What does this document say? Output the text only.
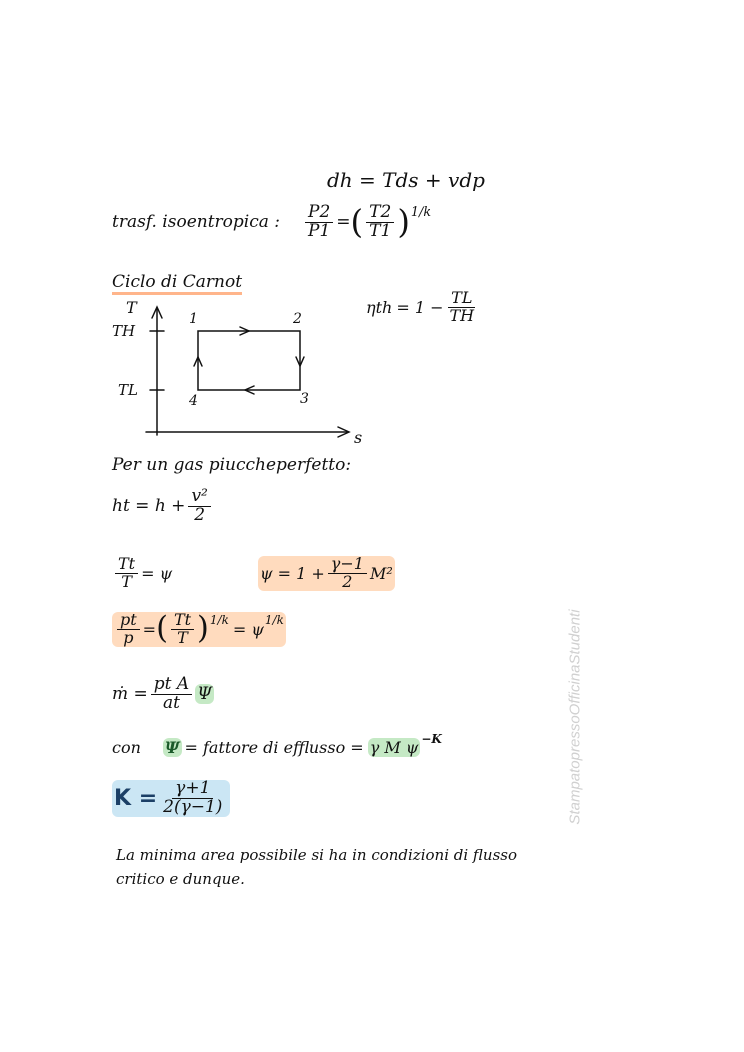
dh = Tds + vdp
trasf. isoentropica : $\frac{P2}{P1}$ = ( $\frac{T2}{T1}$ ) 1/k
Ciclo di Carnot
T
TH
TL
s
1	2
3
4
$\eta th = 1 - \frac{TL}{TH}$
Per un gas piuccheperfetto:
ht = $h + \frac{\text{v²}}{2}$
$\frac{Tt}{T} = \psi$	$\psi = 1 + \frac{\gamma-1}{2} M^2$
$\frac{pt}{p}$ = ( $\frac{Tt}{T}$ ) 1/k = ψ 1/k
ṁ = $\frac{\text{pt A}}{at}$ Ψ
con Ψ = fattore di efflusso = γ M ψ −K
$K = \frac{\gamma+1}{2(\gamma-1)}$
La minima area possibile si ha in condizioni di flusso
critico e dunque.
StampatopressoOfficinaStudenti
